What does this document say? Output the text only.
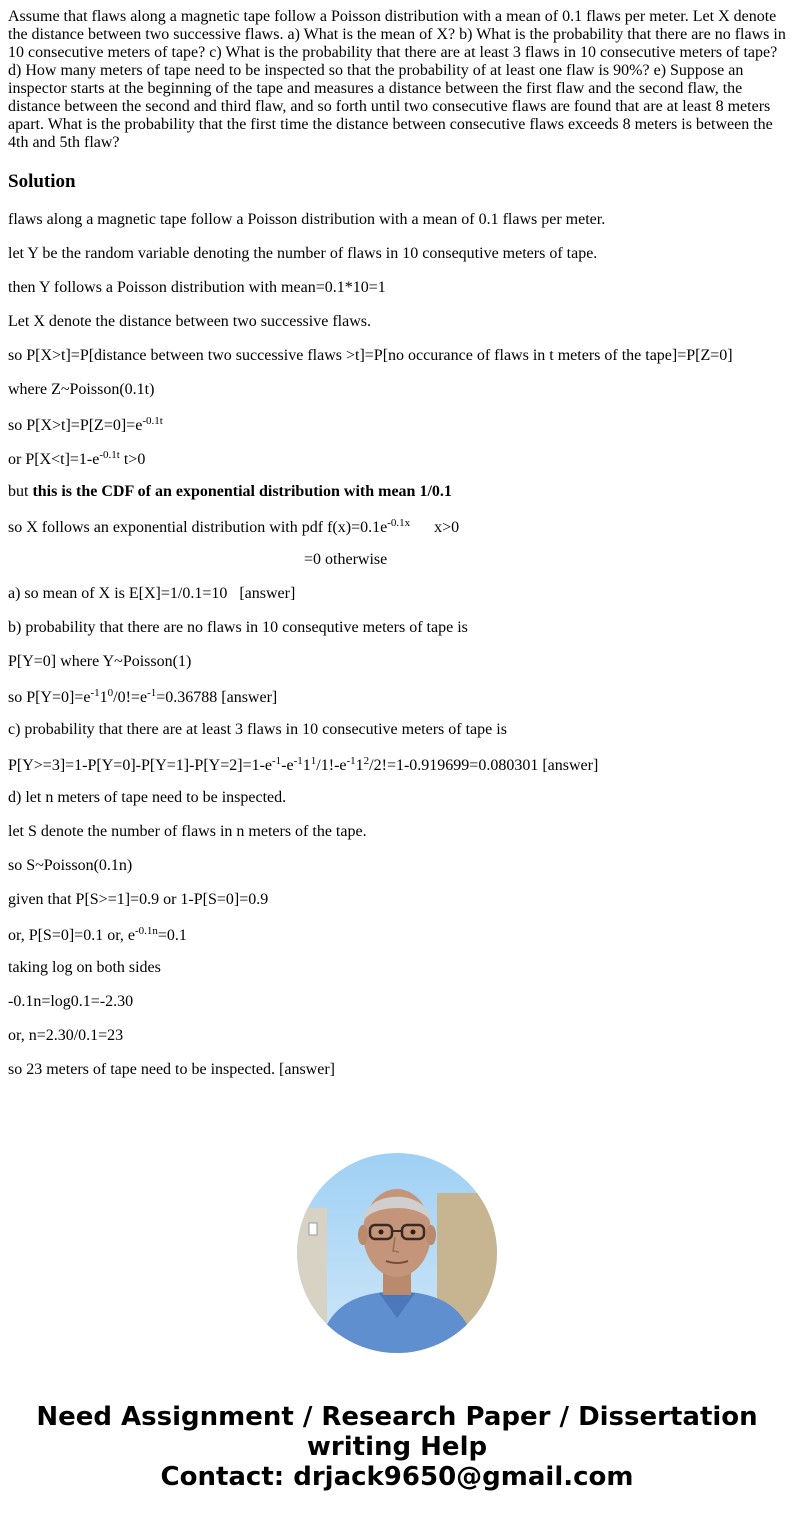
Assume that flaws along a magnetic tape follow a Poisson distribution with a mean of 0.1 flaws per meter. Let X denote the distance between two successive flaws. a) What is the mean of X? b) What is the probability that there are no flaws in 10 consecutive meters of tape? c) What is the probability that there are at least 3 flaws in 10 consecutive meters of tape? d) How many meters of tape need to be inspected so that the probability of at least one flaw is 90%? e) Suppose an inspector starts at the beginning of the tape and measures a distance between the first flaw and the second flaw, the distance between the second and third flaw, and so forth until two consecutive flaws are found that are at least 8 meters apart. What is the probability that the first time the distance between consecutive flaws exceeds 8 meters is between the 4th and 5th flaw?

Solution

flaws along a magnetic tape follow a Poisson distribution with a mean of 0.1 flaws per meter.

let Y be the random variable denoting the number of flaws in 10 consequtive meters of tape.

then Y follows a Poisson distribution with mean=0.1*10=1

Let X denote the distance between two successive flaws.

so P[X>t]=P[distance between two successive flaws >t]=P[no occurance of flaws in t meters of the tape]=P[Z=0]

where Z~Poisson(0.1t)

so $P[X>t]=P[Z=0]=e^{-0.1t}$

or $P[X<t]=1-e^{-0.1t}$ t>0

but this is the CDF of an exponential distribution with mean 1/0.1

so X follows an exponential distribution with pdf $f(x)=0.1e^{-0.1x}$      x>0

=0 otherwise

a) so mean of X is E[X]=1/0.1=10   [answer]

b) probability that there are no flaws in 10 consequtive meters of tape is

P[Y=0] where Y~Poisson(1)

so $P[Y=0]=e^{-1}1^0/0!=e^{-1}=0.36788$ [answer]

c) probability that there are at least 3 flaws in 10 consecutive meters of tape is

$P[Y>=3]=1-P[Y=0]-P[Y=1]-P[Y=2]=1-e^{-1}-e^{-1}1^1/1!-e^{-1}1^2/2!=1-0.919699=0.080301$ [answer]

d) let n meters of tape need to be inspected.

let S denote the number of flaws in n meters of the tape.

so S~Poisson(0.1n)

given that P[S>=1]=0.9 or 1-P[S=0]=0.9

or, P[S=0]=0.1 or, $e^{-0.1n}=0.1$

taking log on both sides

-0.1n=log0.1=-2.30

or, n=2.30/0.1=23

so 23 meters of tape need to be inspected. [answer]

Need Assignment / Research Paper / Dissertation
writing Help
Contact: drjack9650@gmail.com
